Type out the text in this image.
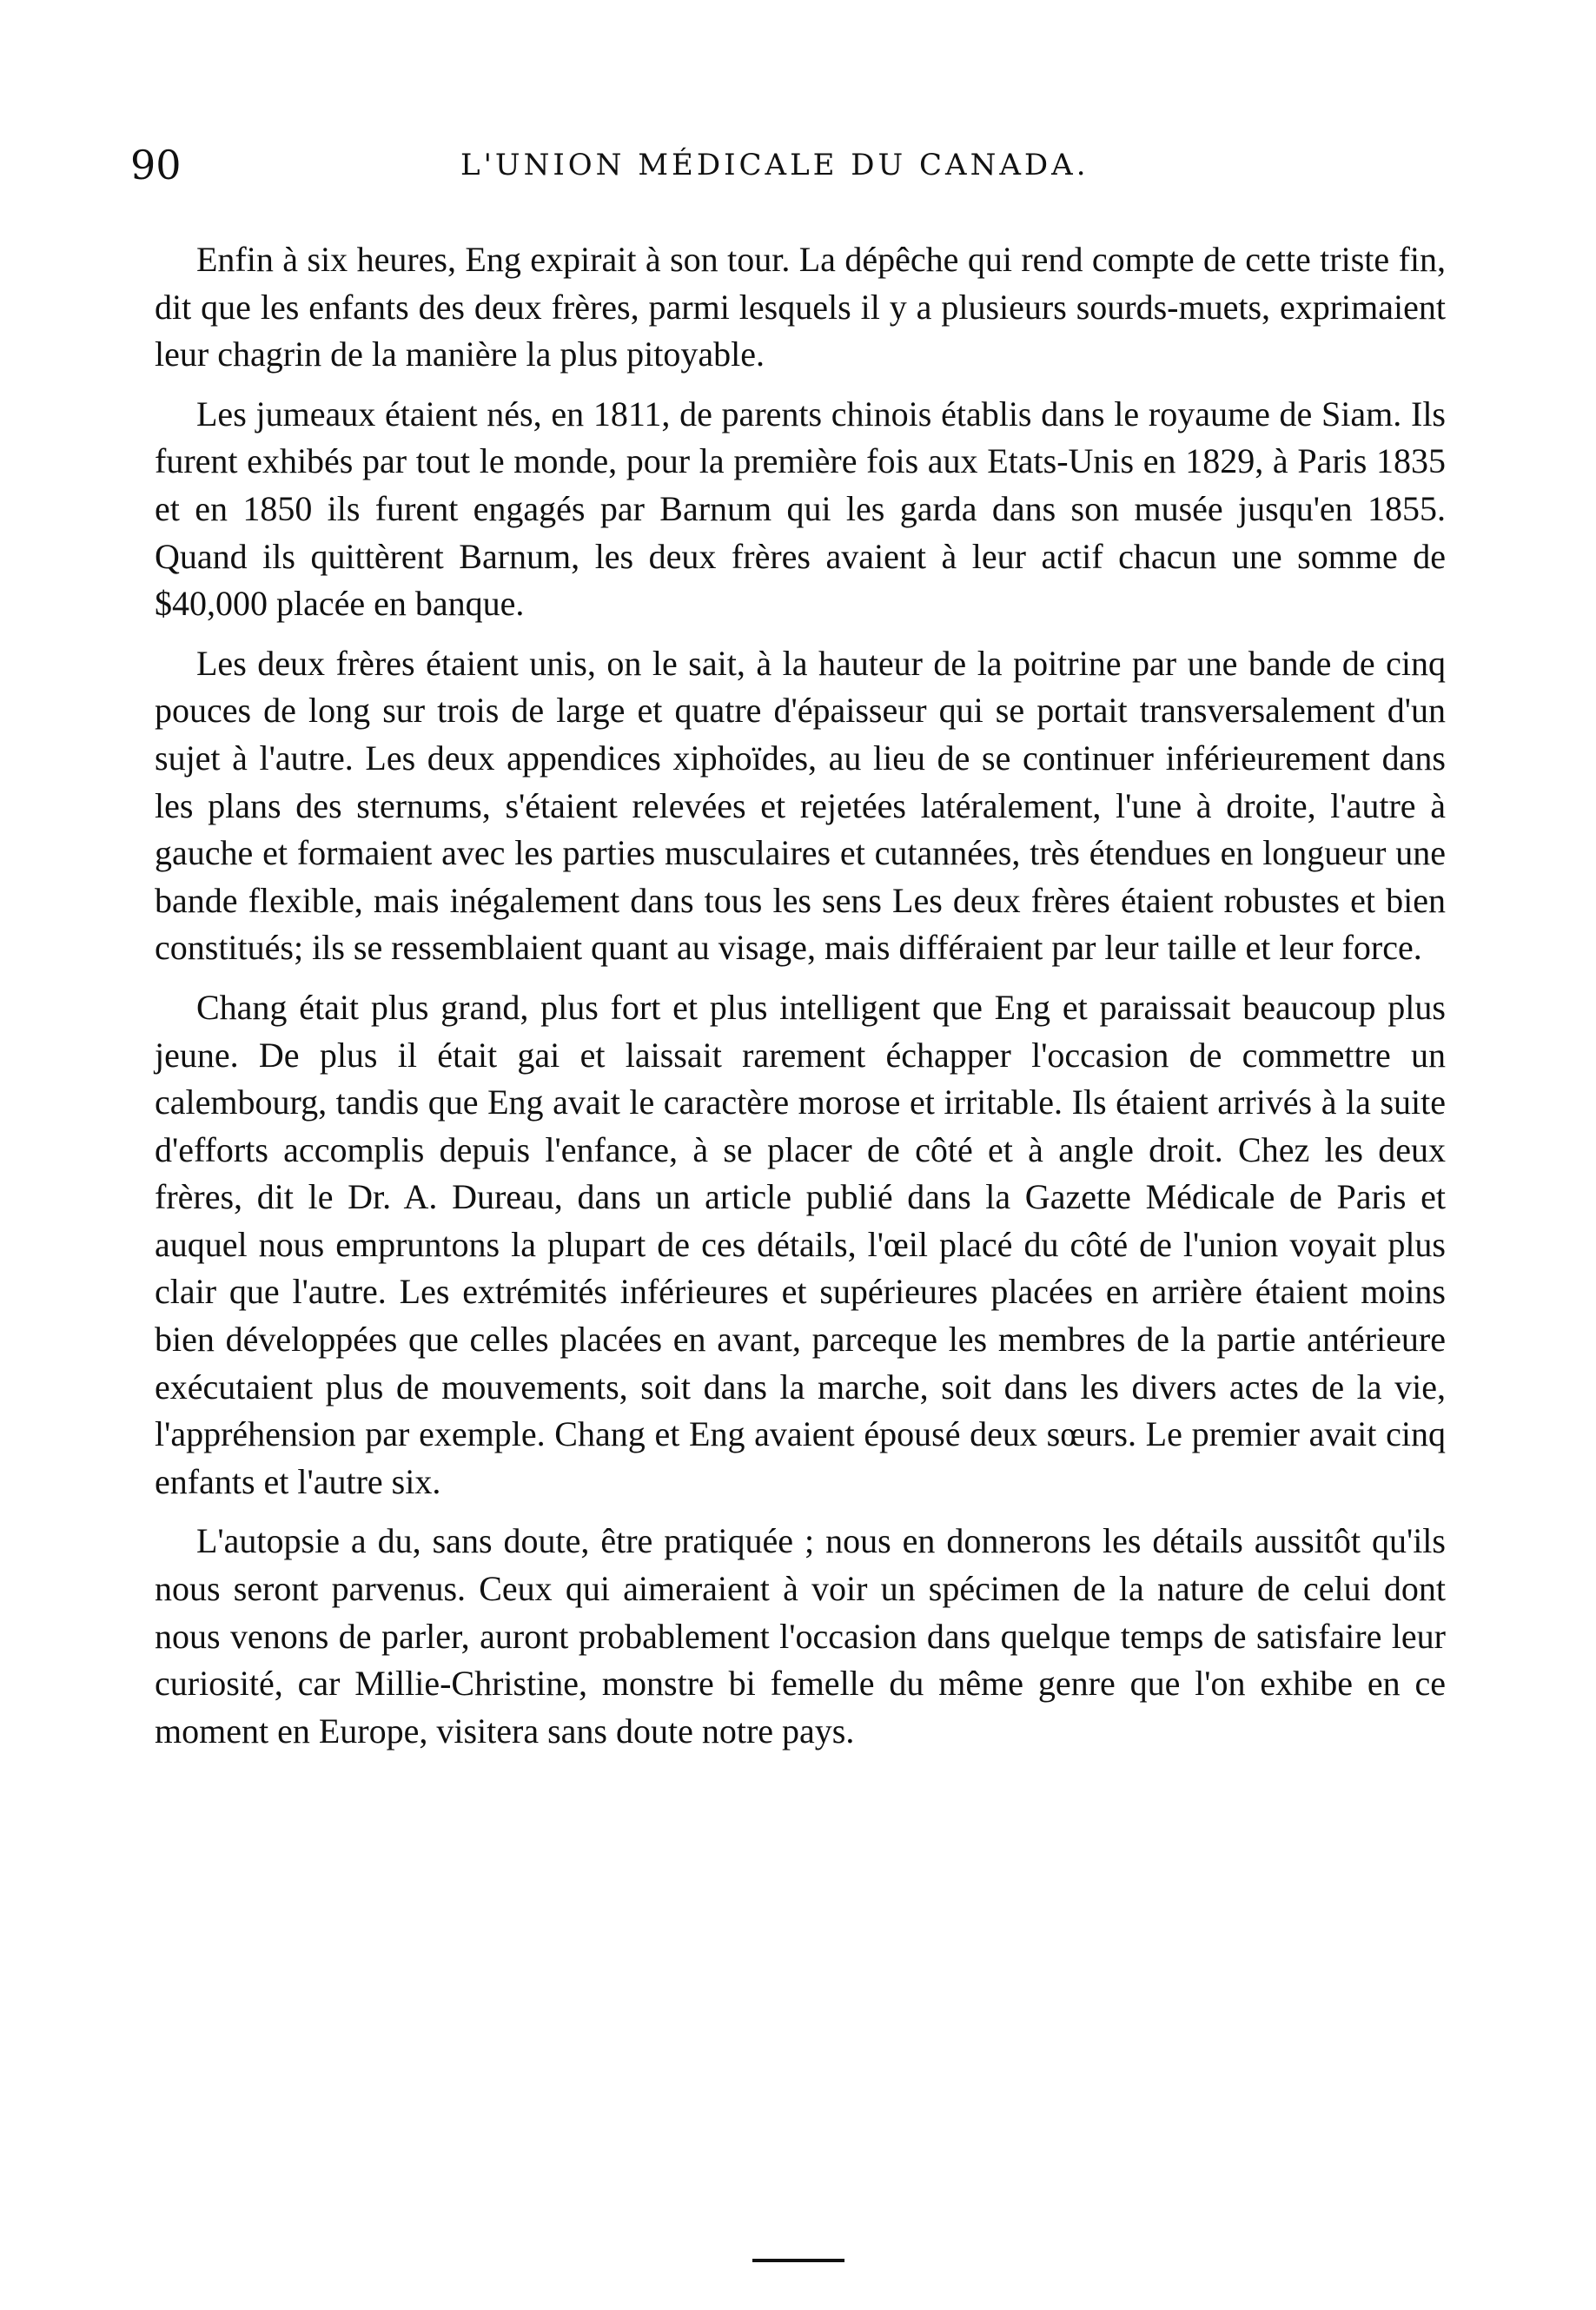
90	L'UNION MÉDICALE DU CANADA.

Enfin à six heures, Eng expirait à son tour. La dépêche qui rend compte de cette triste fin, dit que les enfants des deux frères, parmi lesquels il y a plusieurs sourds-muets, exprimaient leur chagrin de la manière la plus pitoyable.

Les jumeaux étaient nés, en 1811, de parents chinois établis dans le royaume de Siam. Ils furent exhibés par tout le monde, pour la première fois aux Etats-Unis en 1829, à Paris 1835 et en 1850 ils furent engagés par Barnum qui les garda dans son musée jusqu'en 1855. Quand ils quittèrent Barnum, les deux frères avaient à leur actif chacun une somme de $40,000 placée en banque.

Les deux frères étaient unis, on le sait, à la hauteur de la poitrine par une bande de cinq pouces de long sur trois de large et quatre d'épaisseur qui se portait transversalement d'un sujet à l'autre. Les deux appendices xiphoïdes, au lieu de se continuer inférieurement dans les plans des sternums, s'étaient relevées et rejetées latéralement, l'une à droite, l'autre à gauche et formaient avec les parties musculaires et cutannées, très étendues en longueur une bande flexible, mais inégalement dans tous les sens Les deux frères étaient robustes et bien constitués; ils se ressemblaient quant au visage, mais différaient par leur taille et leur force.

Chang était plus grand, plus fort et plus intelligent que Eng et paraissait beaucoup plus jeune. De plus il était gai et laissait rarement échapper l'occasion de commettre un calembourg, tandis que Eng avait le caractère morose et irritable. Ils étaient arrivés à la suite d'efforts accomplis depuis l'enfance, à se placer de côté et à angle droit. Chez les deux frères, dit le Dr. A. Dureau, dans un article publié dans la Gazette Médicale de Paris et auquel nous empruntons la plupart de ces détails, l'œil placé du côté de l'union voyait plus clair que l'autre. Les extrémités inférieures et supérieures placées en arrière étaient moins bien développées que celles placées en avant, parceque les membres de la partie antérieure exécutaient plus de mouvements, soit dans la marche, soit dans les divers actes de la vie, l'appréhension par exemple. Chang et Eng avaient épousé deux sœurs. Le premier avait cinq enfants et l'autre six.

L'autopsie a du, sans doute, être pratiquée ; nous en donnerons les détails aussitôt qu'ils nous seront parvenus. Ceux qui aimeraient à voir un spécimen de la nature de celui dont nous venons de parler, auront probablement l'occasion dans quelque temps de satisfaire leur curiosité, car Millie-Christine, monstre bi femelle du même genre que l'on exhibe en ce moment en Europe, visitera sans doute notre pays.
